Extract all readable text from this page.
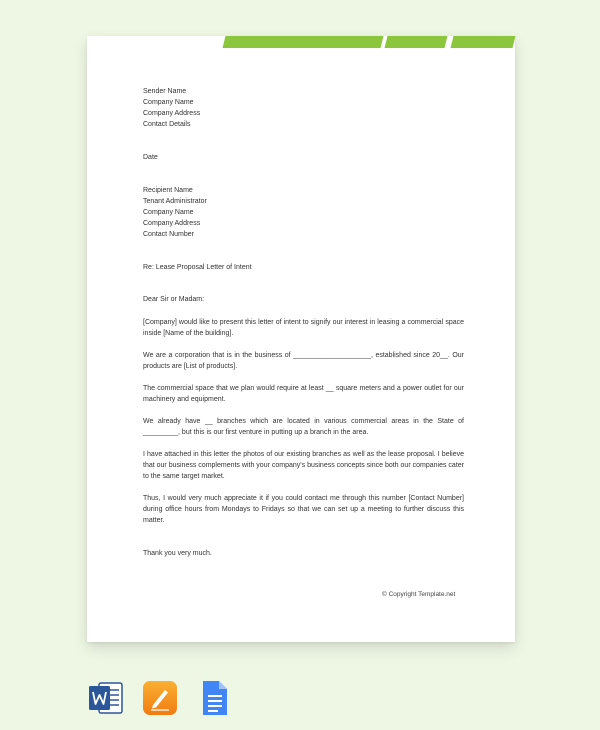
Sender Name

Company Name

Company Address

Contact Details

Date

Recipient Name

Tenant Administrator

Company Name

Company Address

Contact Number

Re: Lease Proposal Letter of Intent

Dear Sir or Madam:

[Company] would like to present this letter of intent to signify our interest in leasing a commercial space inside [Name of the building].

We are a corporation that is in the business of ____________________, established since 20__. Our products are [List of products].

The commercial space that we plan would require at least __ square meters and a power outlet for our machinery and equipment.

We already have __ branches which are located in various commercial areas in the State of _________, but this is our first venture in putting up a branch in the area.

I have attached in this letter the photos of our existing branches as well as the lease proposal. I believe that our business complements with your company's business concepts since both our companies cater to the same target market.

Thus, I would very much appreciate it if you could contact me through this number [Contact Number] during office hours from Mondays to Fridays so that we can set up a meeting to further discuss this matter.

Thank you very much.

© Copyright Template.net
